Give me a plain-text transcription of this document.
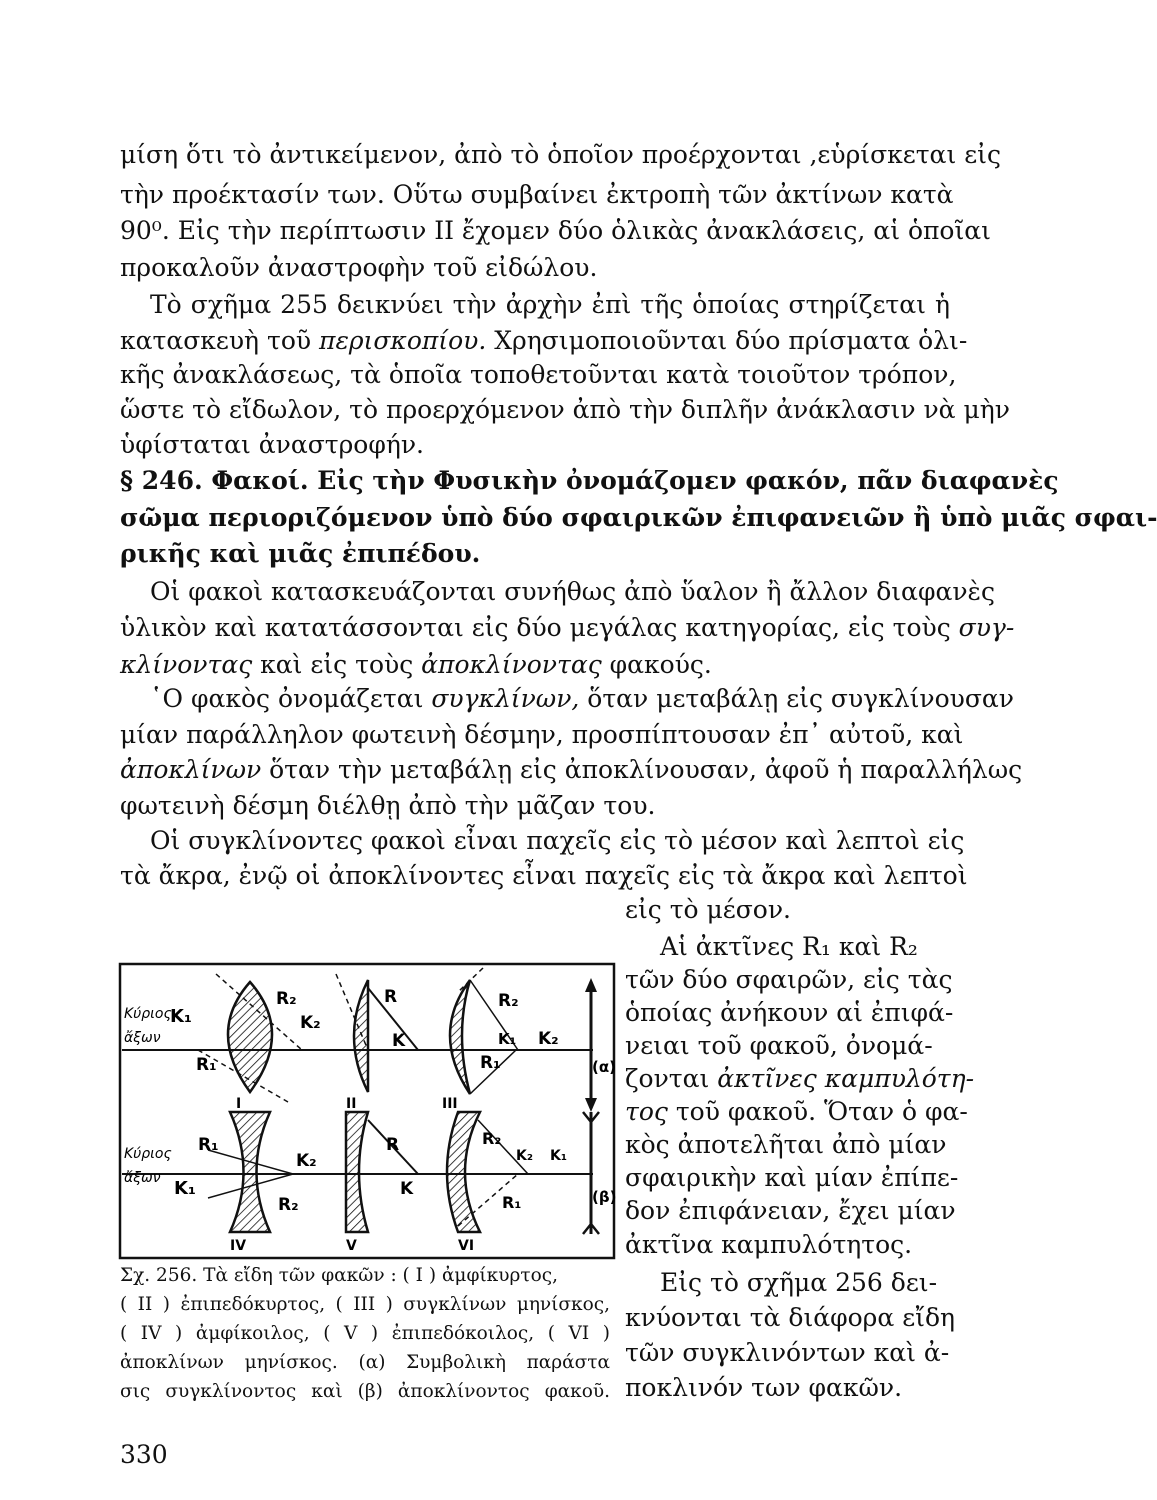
μίση ὅτι τὸ ἀντικείμενον, ἀπὸ τὸ ὁποῖον προέρχονται ,εὑρίσκεται εἰς
τὴν προέκτασίν των. Οὕτω συμβαίνει ἐκτροπὴ τῶν ἀκτίνων κατὰ
90⁰. Εἰς τὴν περίπτωσιν ΙΙ ἔχομεν δύο ὁλικὰς ἀνακλάσεις, αἱ ὁποῖαι
προκαλοῦν ἀναστροφὴν τοῦ εἰδώλου.
Τὸ σχῆμα 255 δεικνύει τὴν ἀρχὴν ἐπὶ τῆς ὁποίας στηρίζεται ἡ
κατασκευὴ τοῦ περισκοπίου. Χρησιμοποιοῦνται δύο πρίσματα ὁλι-
κῆς ἀνακλάσεως, τὰ ὁποῖα τοποθετοῦνται κατὰ τοιοῦτον τρόπον,
ὥστε τὸ εἴδωλον, τὸ προερχόμενον ἀπὸ τὴν διπλῆν ἀνάκλασιν νὰ μὴν
ὑφίσταται ἀναστροφήν.
§ 246. Φακοί. Εἰς τὴν Φυσικὴν ὀνομάζομεν φακόν, πᾶν διαφανὲς
σῶμα περιοριζόμενον ὑπὸ δύο σφαιρικῶν ἐπιφανειῶν ἢ ὑπὸ μιᾶς σφαι-
ρικῆς καὶ μιᾶς ἐπιπέδου.
Οἱ φακοὶ κατασκευάζονται συνήθως ἀπὸ ὕαλον ἢ ἄλλον διαφανὲς
ὑλικὸν καὶ κατατάσσονται εἰς δύο μεγάλας κατηγορίας, εἰς τοὺς συγ-
κλίνοντας καὶ εἰς τοὺς ἀποκλίνοντας φακούς.
῾Ο φακὸς ὀνομάζεται συγκλίνων, ὅταν μεταβάλῃ εἰς συγκλίνουσαν
μίαν παράλληλον φωτεινὴ δέσμην, προσπίπτουσαν ἐπ᾿ αὐτοῦ, καὶ
ἀποκλίνων ὅταν τὴν μεταβάλῃ εἰς ἀποκλίνουσαν, ἀφοῦ ἡ παραλλήλως
φωτεινὴ δέσμη διέλθῃ ἀπὸ τὴν μᾶζαν του.
Οἱ συγκλίνοντες φακοὶ εἶναι παχεῖς εἰς τὸ μέσον καὶ λεπτοὶ εἰς
τὰ ἄκρα, ἐνῷ οἱ ἀποκλίνοντες εἶναι παχεῖς εἰς τὰ ἄκρα καὶ λεπτοὶ
εἰς τὸ μέσον.
Αἱ ἀκτῖνες R₁ καὶ R₂
τῶν δύο σφαιρῶν, εἰς τὰς
ὁποίας ἀνήκουν αἱ ἐπιφά-
νειαι τοῦ φακοῦ, ὀνομά-
ζονται ἀκτῖνες καμπυλότη-
τος τοῦ φακοῦ. Ὅταν ὁ φα-
κὸς ἀποτελῆται ἀπὸ μίαν
σφαιρικὴν καὶ μίαν ἐπίπε-
δον ἐπιφάνειαν, ἔχει μίαν
ἀκτῖνα καμπυλότητος.
Εἰς τὸ σχῆμα 256 δει-
κνύονται τὰ διάφορα εἴδη
τῶν συγκλινόντων καὶ ἀ-
ποκλινόν των φακῶν.
Κύριος
ἄξων
K₁
R₁
R₂
K₂
R
K
R₂
K₁ K₂
R₁	(α)
I	II	III
Κύριος
ἄξων
R₁
K₁
K₂
R₂
R
K
R₂
K₂ K₁
R₁	(β)
IV	V	VI
Σχ. 256. Τὰ εἴδη τῶν φακῶν : ( I ) ἀμφίκυρτος,
( II ) ἐπιπεδόκυρτος, ( III ) συγκλίνων μηνίσκος,
( IV ) ἀμφίκοιλος, ( V ) ἐπιπεδόκοιλος, ( VI )
ἀποκλίνων μηνίσκος. (α) Συμβολικὴ παράστα
σις συγκλίνοντος καὶ (β) ἀποκλίνοντος φακοῦ.
330
